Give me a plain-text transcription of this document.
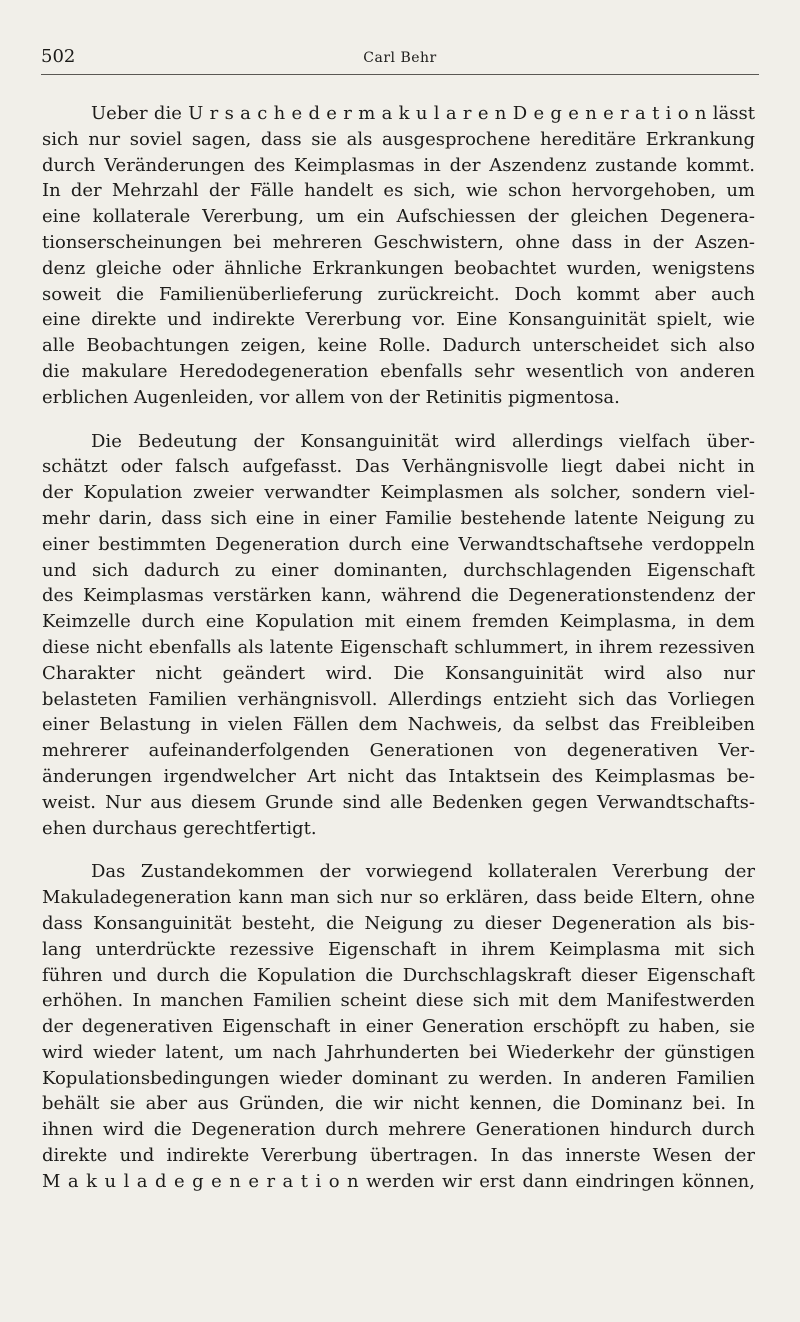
502	Carl Behr
Ueber die U r s a c h e d e r m a k u l a r e n D e g e n e r a t i o n lässt
sich nur soviel sagen, dass sie als ausgesprochene hereditäre Erkrankung
durch Veränderungen des Keimplasmas in der Aszendenz zustande kommt.
In der Mehrzahl der Fälle handelt es sich, wie schon hervorgehoben, um
eine kollaterale Vererbung, um ein Aufschiessen der gleichen Degenera-
tionserscheinungen bei mehreren Geschwistern, ohne dass in der Aszen-
denz gleiche oder ähnliche Erkrankungen beobachtet wurden, wenigstens
soweit die Familienüberlieferung zurückreicht. Doch kommt aber auch
eine direkte und indirekte Vererbung vor. Eine Konsanguinität spielt, wie
alle Beobachtungen zeigen, keine Rolle. Dadurch unterscheidet sich also
die makulare Heredodegeneration ebenfalls sehr wesentlich von anderen
erblichen Augenleiden, vor allem von der Retinitis pigmentosa.
Die Bedeutung der Konsanguinität wird allerdings vielfach über-
schätzt oder falsch aufgefasst. Das Verhängnisvolle liegt dabei nicht in
der Kopulation zweier verwandter Keimplasmen als solcher, sondern viel-
mehr darin, dass sich eine in einer Familie bestehende latente Neigung zu
einer bestimmten Degeneration durch eine Verwandtschaftsehe verdoppeln
und sich dadurch zu einer dominanten, durchschlagenden Eigenschaft
des Keimplasmas verstärken kann, während die Degenerationstendenz der
Keimzelle durch eine Kopulation mit einem fremden Keimplasma, in dem
diese nicht ebenfalls als latente Eigenschaft schlummert, in ihrem rezessiven
Charakter nicht geändert wird. Die Konsanguinität wird also nur
belasteten Familien verhängnisvoll. Allerdings entzieht sich das Vorliegen
einer Belastung in vielen Fällen dem Nachweis, da selbst das Freibleiben
mehrerer aufeinanderfolgenden Generationen von degenerativen Ver-
änderungen irgendwelcher Art nicht das Intaktsein des Keimplasmas be-
weist. Nur aus diesem Grunde sind alle Bedenken gegen Verwandtschafts-
ehen durchaus gerechtfertigt.
Das Zustandekommen der vorwiegend kollateralen Vererbung der
Makuladegeneration kann man sich nur so erklären, dass beide Eltern, ohne
dass Konsanguinität besteht, die Neigung zu dieser Degeneration als bis-
lang unterdrückte rezessive Eigenschaft in ihrem Keimplasma mit sich
führen und durch die Kopulation die Durchschlagskraft dieser Eigenschaft
erhöhen. In manchen Familien scheint diese sich mit dem Manifestwerden
der degenerativen Eigenschaft in einer Generation erschöpft zu haben, sie
wird wieder latent, um nach Jahrhunderten bei Wiederkehr der günstigen
Kopulationsbedingungen wieder dominant zu werden. In anderen Familien
behält sie aber aus Gründen, die wir nicht kennen, die Dominanz bei. In
ihnen wird die Degeneration durch mehrere Generationen hindurch durch
direkte und indirekte Vererbung übertragen. In das innerste Wesen der
M a k u l a d e g e n e r a t i o n werden wir erst dann eindringen können,
